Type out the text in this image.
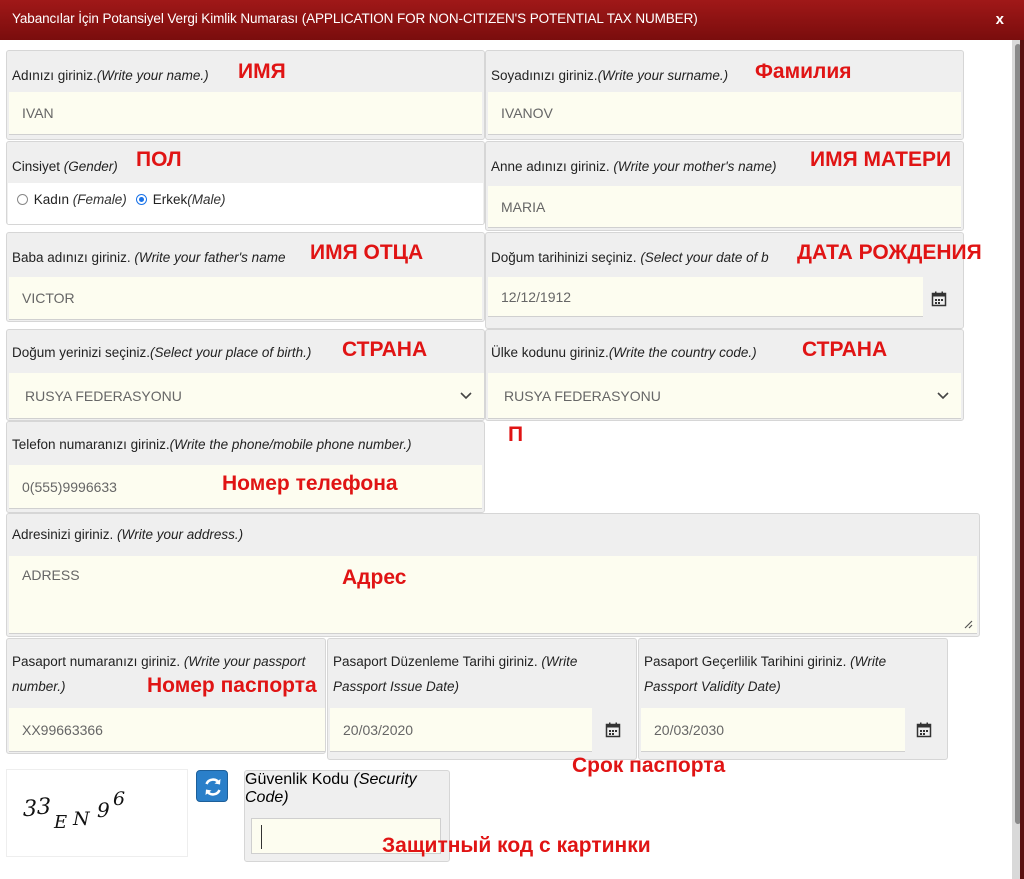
Yabancılar İçin Potansiyel Vergi Kimlik Numarası (APPLICATION FOR NON-CITIZEN'S POTENTIAL TAX NUMBER)	x
Adınızı giriniz.(Write your name.)
IVAN
ИМЯ	Soyadınızı giriniz.(Write your surname.)
IVANOV
Фамилия
Cinsiyet (Gender)
Kadın (Female)	Erkek(Male)
ПОЛ	Anne adınızı giriniz. (Write your mother's name)
MARIA
ИМЯ МАТЕРИ
Baba adınızı giriniz. (Write your father's name
VICTOR
ИМЯ ОТЦА	Doğum tarihinizi seçiniz. (Select your date of b
12/12/1912
ДАТА РОЖДЕНИЯ
Doğum yerinizi seçiniz.(Select your place of birth.)
RUSYA FEDERASYONU
СТРАНА	Ülke kodunu giriniz.(Write the country code.)
RUSYA FEDERASYONU
СТРАНА
Telefon numaranızı giriniz.(Write the phone/mobile phone number.)
0(555)9996633	Номер телефона
П
Adresinizi giriniz. (Write your address.)
ADRESS	Адрес
Pasaport numaranızı giriniz. (Write your passport number.)
XX99663366
Номер паспорта
Pasaport Düzenleme Tarihi giriniz. (Write Passport Issue Date)
20/03/2020
Pasaport Geçerlilik Tarihini giriniz. (Write Passport Validity Date)
20/03/2030
Срок паспорта
3 3
E N 9 6
Güvenlik Kodu (Security Code)
Защитный код с картинки
